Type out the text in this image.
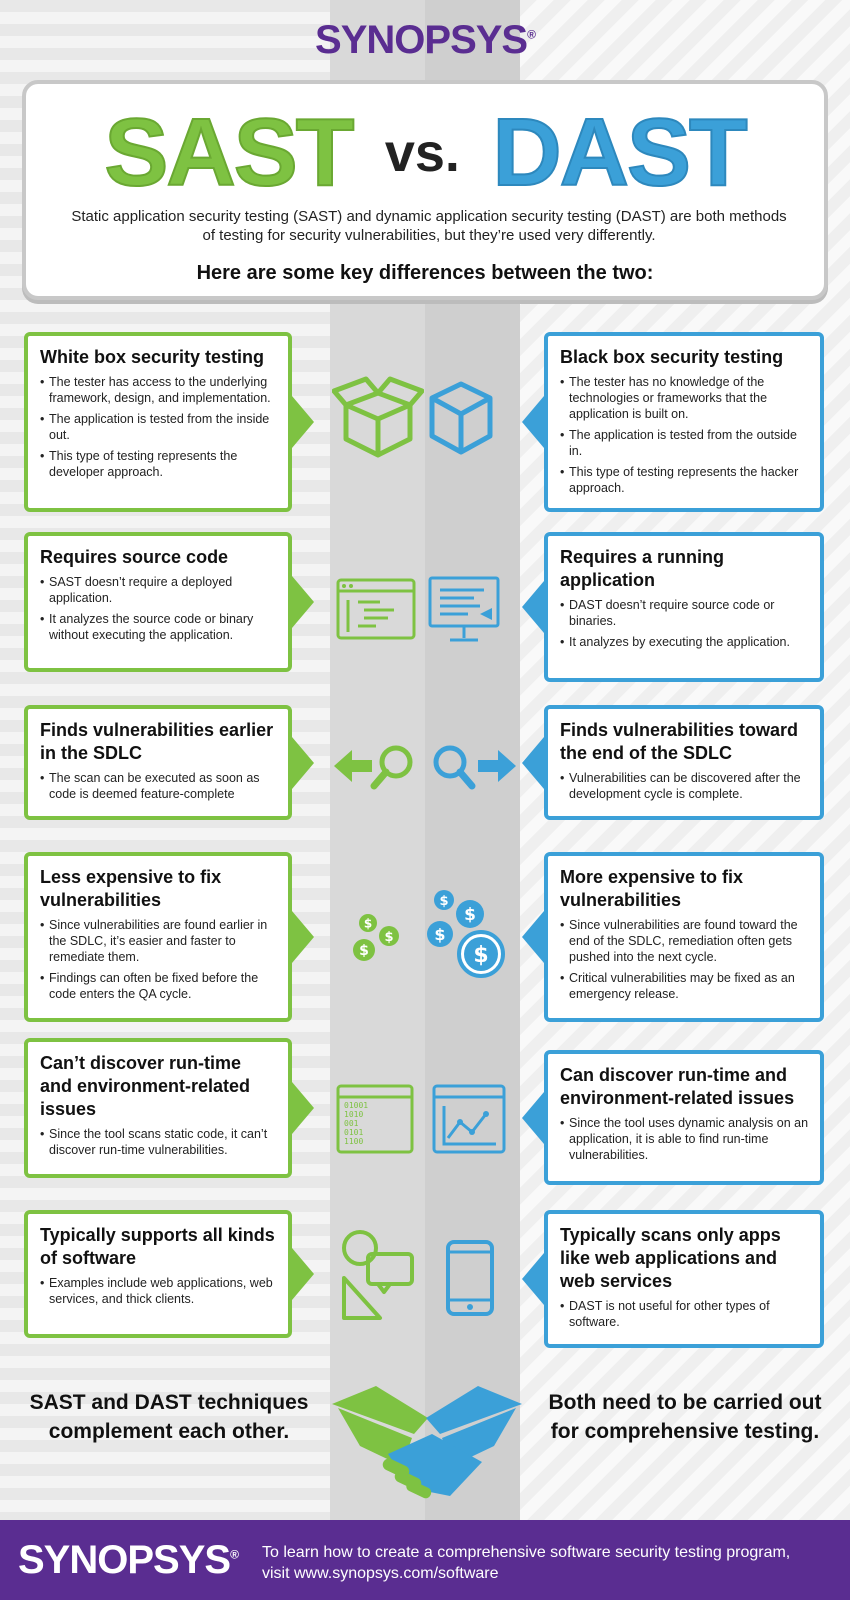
SYNOPSYS®
SAST vs. DAST

Static application security testing (SAST) and dynamic application security testing (DAST) are both methods of testing for security vulnerabilities, but they’re used very differently.

Here are some key differences between the two:

White box security testing
• The tester has access to the underlying framework, design, and implementation.
• The application is tested from the inside out.
• This type of testing represents the developer approach.
Black box security testing
• The tester has no knowledge of the technologies or frameworks that the application is built on.
• The application is tested from the outside in.
• This type of testing represents the hacker approach.
Requires source code
• SAST doesn’t require a deployed application.
• It analyzes the source code or binary without executing the application.
Requires a running application
• DAST doesn’t require source code or binaries.
• It analyzes by executing the application.
Finds vulnerabilities earlier in the SDLC
• The scan can be executed as soon as code is deemed feature-complete
Finds vulnerabilities toward the end of the SDLC
• Vulnerabilities can be discovered after the development cycle is complete.
Less expensive to fix vulnerabilities
• Since vulnerabilities are found earlier in the SDLC, it’s easier and faster to remediate them.
• Findings can often be fixed before the code enters the QA cycle.
More expensive to fix vulnerabilities
• Since vulnerabilities are found toward the end of the SDLC, remediation often gets pushed into the next cycle.
• Critical vulnerabilities may be fixed as an emergency release.
$
$
$
$
$
$
$
Can’t discover run-time and environment-related issues
• Since the tool scans static code, it can’t discover run-time vulnerabilities.
Can discover run-time and environment-related issues
• Since the tool uses dynamic analysis on an application, it is able to find run-time vulnerabilities.
01001
1010
001
0101
1100
Typically supports all kinds of software
• Examples include web applications, web services, and thick clients.
Typically scans only apps like web applications and web services
• DAST is not useful for other types of software.

SAST and DAST techniques complement each other.

Both need to be carried out for comprehensive testing.

SYNOPSYS® To learn how to create a comprehensive software security testing program, visit www.synopsys.com/software
